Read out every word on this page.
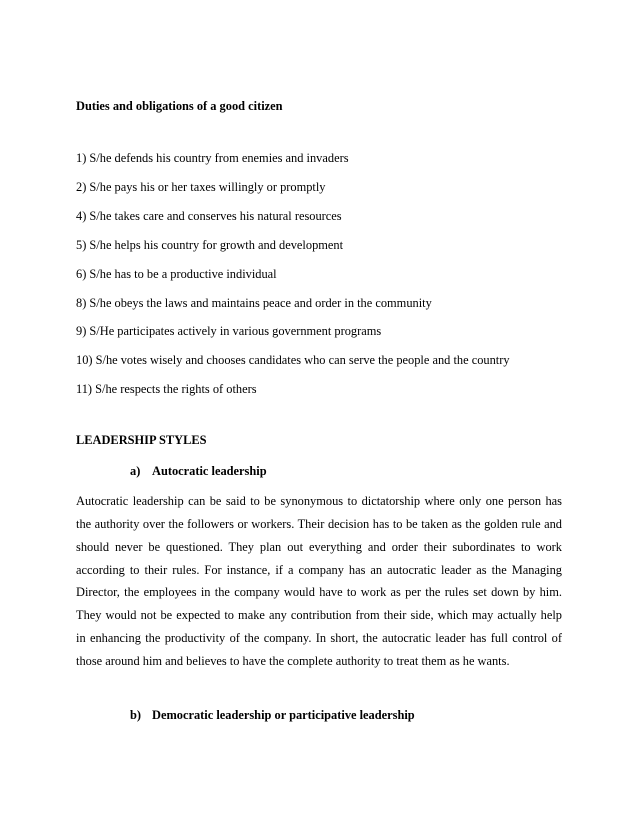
Duties and obligations of a good citizen
1) S/he defends his country from enemies and invaders
2) S/he pays his or her taxes willingly or promptly
4) S/he takes care and conserves his natural resources
5) S/he helps his country for growth and development
6) S/he has to be a productive individual
8) S/he obeys the laws and maintains peace and order in the community
9) S/He participates actively in various government programs
10) S/he votes wisely and chooses candidates who can serve the people and the country
11) S/he respects the rights of others
LEADERSHIP STYLES
a) Autocratic leadership
Autocratic leadership can be said to be synonymous to dictatorship where only one person has
the authority over the followers or workers. Their decision has to be taken as the golden rule and
should never be questioned. They plan out everything and order their subordinates to work
according to their rules. For instance, if a company has an autocratic leader as the Managing
Director, the employees in the company would have to work as per the rules set down by him.
They would not be expected to make any contribution from their side, which may actually help
in enhancing the productivity of the company. In short, the autocratic leader has full control of
those around him and believes to have the complete authority to treat them as he wants.
b) Democratic leadership or participative leadership
